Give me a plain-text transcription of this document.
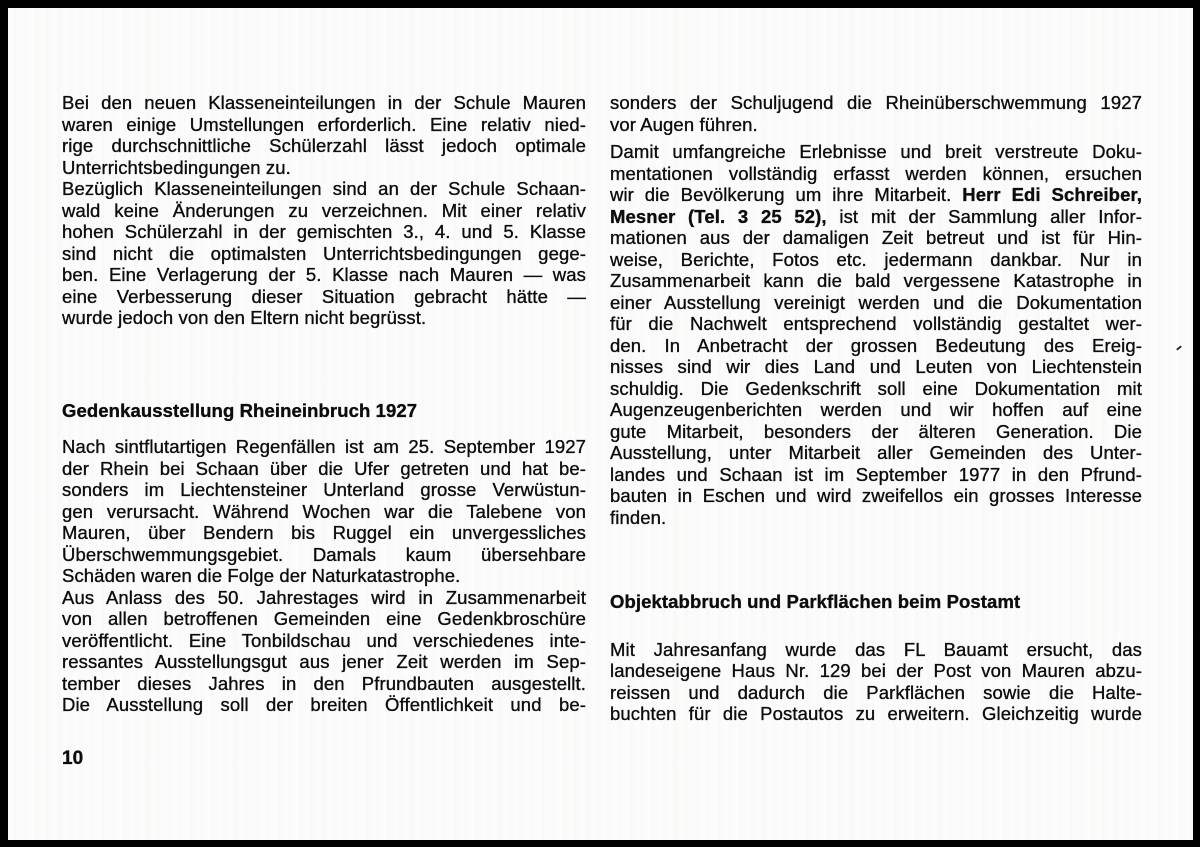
Bei den neuen Klasseneinteilungen in der Schule Mauren
waren einige Umstellungen erforderlich. Eine relativ nied-
rige durchschnittliche Schülerzahl lässt jedoch optimale
Unterrichtsbedingungen zu.
Bezüglich Klasseneinteilungen sind an der Schule Schaan-
wald keine Änderungen zu verzeichnen. Mit einer relativ
hohen Schülerzahl in der gemischten 3., 4. und 5. Klasse
sind nicht die optimalsten Unterrichtsbedingungen gege-
ben. Eine Verlagerung der 5. Klasse nach Mauren — was
eine Verbesserung dieser Situation gebracht hätte —
wurde jedoch von den Eltern nicht begrüsst.
Gedenkausstellung Rheineinbruch 1927
Nach sintflutartigen Regenfällen ist am 25. September 1927
der Rhein bei Schaan über die Ufer getreten und hat be-
sonders im Liechtensteiner Unterland grosse Verwüstun-
gen verursacht. Während Wochen war die Talebene von
Mauren, über Bendern bis Ruggel ein unvergessliches
Überschwemmungsgebiet. Damals kaum übersehbare
Schäden waren die Folge der Naturkatastrophe.
Aus Anlass des 50. Jahrestages wird in Zusammenarbeit
von allen betroffenen Gemeinden eine Gedenkbroschüre
veröffentlicht. Eine Tonbildschau und verschiedenes inte-
ressantes Ausstellungsgut aus jener Zeit werden im Sep-
tember dieses Jahres in den Pfrundbauten ausgestellt.
Die Ausstellung soll der breiten Öffentlichkeit und be-
sonders der Schuljugend die Rheinüberschwemmung 1927
vor Augen führen.
Damit umfangreiche Erlebnisse und breit verstreute Doku-
mentationen vollständig erfasst werden können, ersuchen
wir die Bevölkerung um ihre Mitarbeit. Herr Edi Schreiber,
Mesner (Tel. 3 25 52), ist mit der Sammlung aller Infor-
mationen aus der damaligen Zeit betreut und ist für Hin-
weise, Berichte, Fotos etc. jedermann dankbar. Nur in
Zusammenarbeit kann die bald vergessene Katastrophe in
einer Ausstellung vereinigt werden und die Dokumentation
für die Nachwelt entsprechend vollständig gestaltet wer-
den. In Anbetracht der grossen Bedeutung des Ereig-
nisses sind wir dies Land und Leuten von Liechtenstein
schuldig. Die Gedenkschrift soll eine Dokumentation mit
Augenzeugenberichten werden und wir hoffen auf eine
gute Mitarbeit, besonders der älteren Generation. Die
Ausstellung, unter Mitarbeit aller Gemeinden des Unter-
landes und Schaan ist im September 1977 in den Pfrund-
bauten in Eschen und wird zweifellos ein grosses Interesse
finden.
Objektabbruch und Parkflächen beim Postamt
Mit Jahresanfang wurde das FL Bauamt ersucht, das
landeseigene Haus Nr. 129 bei der Post von Mauren abzu-
reissen und dadurch die Parkflächen sowie die Halte-
buchten für die Postautos zu erweitern. Gleichzeitig wurde
10
